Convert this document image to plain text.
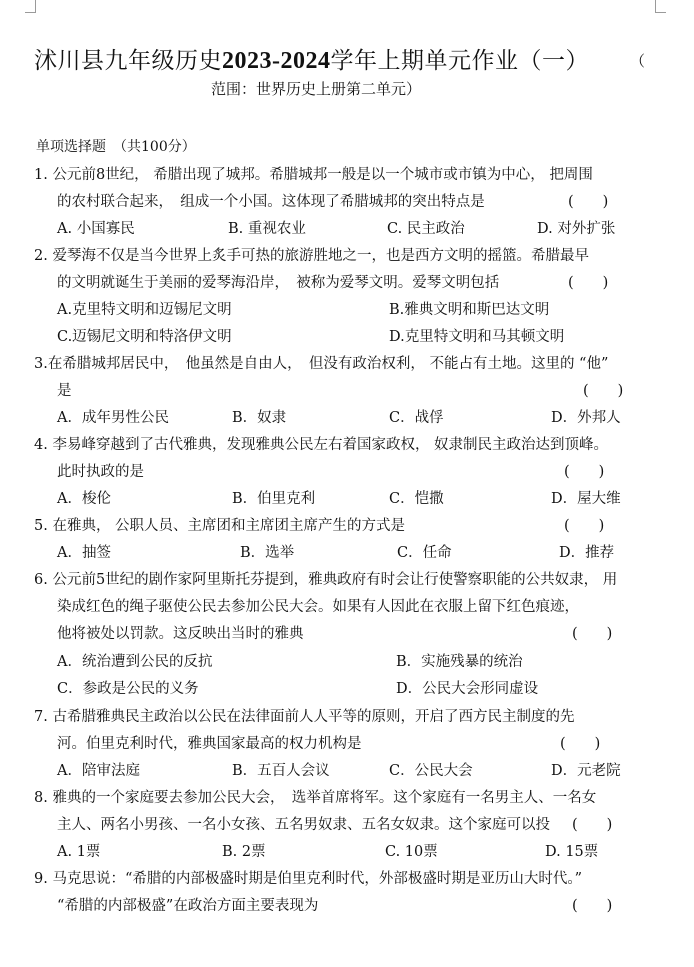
沭川县九年级历史2023-2024学年上期单元作业（一）	（
范围：世界历史上册第二单元）
单项选择题　（共100分）
1. 公元前8世纪， 希腊出现了城邦。希腊城邦一般是以一个城市或市镇为中心， 把周围
的农村联合起来，　组成一个小国。这体现了希腊城邦的突出特点是	(　　)
A. 小国寡民	B. 重视农业	C. 民主政治	D. 对外扩张
2. 爱琴海不仅是当今世界上炙手可热的旅游胜地之一，也是西方文明的摇篮。希腊最早
的文明就诞生于美丽的爱琴海沿岸，　被称为爱琴文明。爱琴文明包括	(　　)
A.克里特文明和迈锡尼文明	B.雅典文明和斯巴达文明
C.迈锡尼文明和特洛伊文明	D.克里特文明和马其顿文明
3.在希腊城邦居民中，　他虽然是自由人，　但没有政治权利， 不能占有土地。这里的 “他”
是	(　　)
A．成年男性公民	B．奴隶	C．战俘	D．外邦人
4. 李易峰穿越到了古代雅典，发现雅典公民左右着国家政权， 奴隶制民主政治达到顶峰。
此时执政的是	(　　)
A．梭伦	B．伯里克利	C．恺撒	D．屋大维
5. 在雅典， 公职人员、主席团和主席团主席产生的方式是	(　　)
A．抽签	B．选举	C．任命	D．推荐
6. 公元前5世纪的剧作家阿里斯托芬提到，雅典政府有时会让行使警察职能的公共奴隶， 用
染成红色的绳子驱使公民去参加公民大会。如果有人因此在衣服上留下红色痕迹，
他将被处以罚款。这反映出当时的雅典	(　　)
A．统治遭到公民的反抗	B．实施残暴的统治
C．参政是公民的义务	D．公民大会形同虚设
7. 古希腊雅典民主政治以公民在法律面前人人平等的原则，开启了西方民主制度的先
河。伯里克利时代，雅典国家最高的权力机构是	(　　)
A．陪审法庭	B．五百人会议	C．公民大会	D．元老院
8. 雅典的一个家庭要去参加公民大会，　选举首席将军。这个家庭有一名男主人、一名女
主人、两名小男孩、一名小女孩、五名男奴隶、五名女奴隶。这个家庭可以投 (　　)
A. 1票	B. 2票	C. 10票	D. 15票
9. 马克思说：“希腊的内部极盛时期是伯里克利时代，外部极盛时期是亚历山大时代。”
“希腊的内部极盛”在政治方面主要表现为	(　　)
